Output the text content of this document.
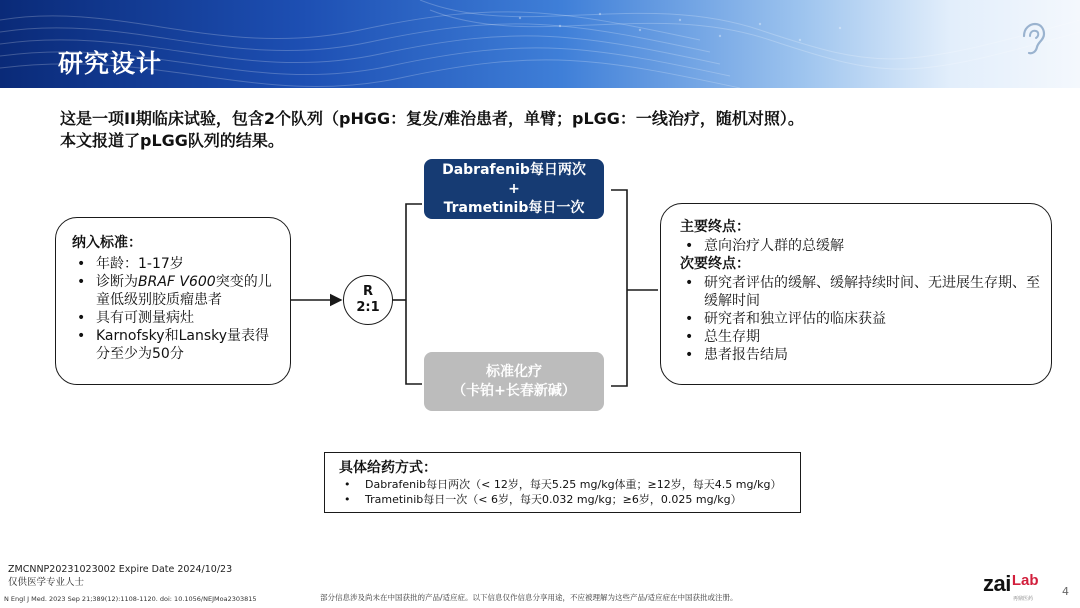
研究设计
这是一项II期临床试验，包含2个队列（pHGG：复发/难治患者，单臂；pLGG：一线治疗，随机对照）。
本文报道了pLGG队列的结果。
纳入标准：
• 年龄：1-17岁
• 诊断为BRAF V600突变的儿童低级别胶质瘤患者
• 具有可测量病灶
• Karnofsky和Lansky量表得分至少为50分
R
2:1
Dabrafenib每日两次
+
Trametinib每日一次
标准化疗
（卡铂+长春新碱）
主要终点：
• 意向治疗人群的总缓解
次要终点：
• 研究者评估的缓解、缓解持续时间、无进展生存期、至缓解时间
• 研究者和独立评估的临床获益
• 总生存期
• 患者报告结局
具体给药方式：
• Dabrafenib每日两次（< 12岁，每天5.25 mg/kg体重；≥12岁，每天4.5 mg/kg）
• Trametinib每日一次（< 6岁，每天0.032 mg/kg；≥6岁，0.025 mg/kg）
ZMCNNP20231023002 Expire Date 2024/10/23
仅供医学专业人士
N Engl J Med. 2023 Sep 21;389(12):1108-1120. doi: 10.1056/NEJMoa2303815	部分信息涉及尚未在中国获批的产品/适应症。以下信息仅作信息分享用途，不应被理解为这些产品/适应症在中国获批或注册。
zaiLab
再鼎医药
4
